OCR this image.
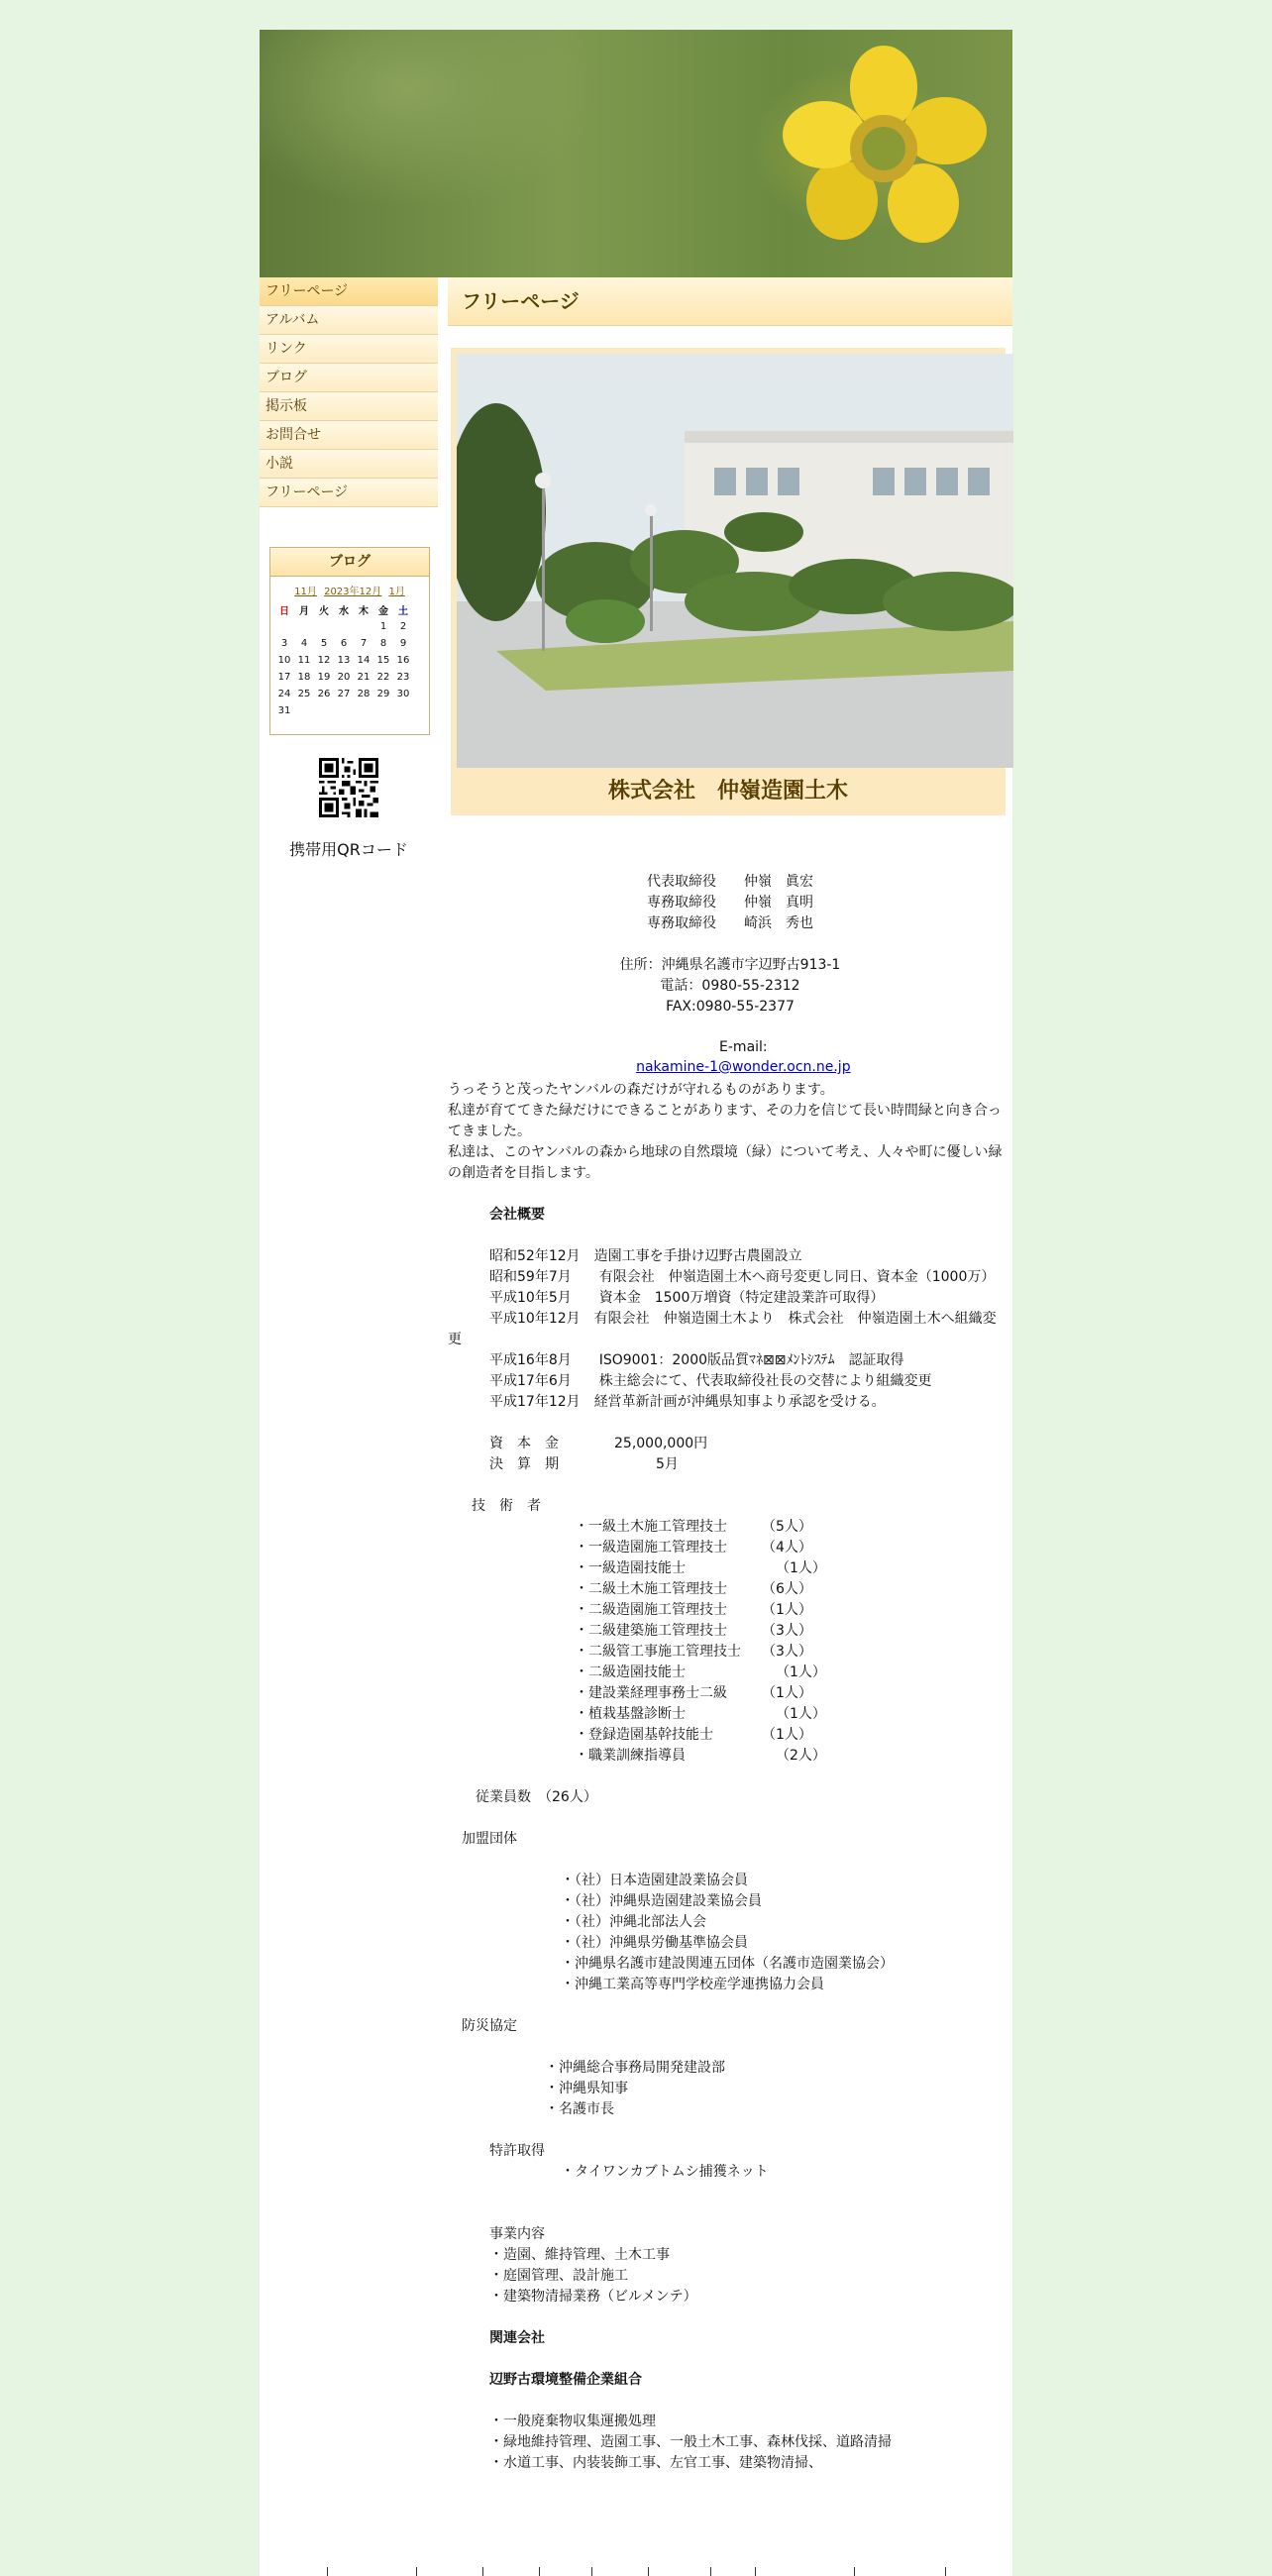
フリーページ
アルバム
リンク
ブログ
掲示板
お問合せ
小説
フリーページ
ブログ
11月 2023年12月 1月
日	月	火	水	木	金	土
					1	2
3	4	5	6	7	8	9
10	11	12	13	14	15	16
17	18	19	20	21	22	23
24	25	26	27	28	29	30
31						
携帯用QRコード
フリーページ
株式会社　仲嶺造園土木
代表取締役　　仲嶺　眞宏
専務取締役　　仲嶺　真明
専務取締役　　崎浜　秀也
住所：沖縄県名護市字辺野古913-1
電話：0980-55-2312
FAX:0980-55-2377

E-mail:
nakamine-1@wonder.ocn.ne.jp

うっそうと茂ったヤンバルの森だけが守れるものがあります。
私達が育ててきた緑だけにできることがあります、その力を信じて長い時間緑と向き合っ
てきました。
私達は、このヤンバルの森から地球の自然環境（緑）について考え、人々や町に優しい緑
の創造者を目指します。
会社概要
昭和52年12月　造園工事を手掛け辺野古農園設立
昭和59年7月　　有限会社　仲嶺造園土木へ商号変更し同日、資本金（1000万）
平成10年5月　　資本金　1500万増資（特定建設業許可取得）
平成10年12月　有限会社　仲嶺造園土木より　株式会社　仲嶺造園土木へ組織変
更
平成16年8月　　ISO9001：2000版品質ﾏﾈ⊠⊠ﾒﾝﾄｼｽﾃﾑ　認証取得
平成17年6月　　株主総会にて、代表取締役社長の交替により組織変更
平成17年12月　経営革新計画が沖縄県知事より承認を受ける。
資　本　金　　　　25,000,000円
決　算　期　　　　　　　5月
技　術　者
・一級土木施工管理技士　　　（5人）
・一級造園施工管理技士　　　（4人）
・一級造園技能士　　　　　　　（1人）
・二級土木施工管理技士　　　（6人）
・二級造園施工管理技士　　　（1人）
・二級建築施工管理技士　　　（3人）
・二級管工事施工管理技士　　（3人）
・二級造園技能士　　　　　　　（1人）
・建設業経理事務士二級　　　（1人）
・植栽基盤診断士　　　　　　　（1人）
・登録造園基幹技能士　　　　（1人）
・職業訓練指導員　　　　　　　（2人）
従業員数　（26人）
加盟団体
・（社）日本造園建設業協会員
・（社）沖縄県造園建設業協会員
・（社）沖縄北部法人会
・（社）沖縄県労働基準協会員
・沖縄県名護市建設関連五団体（名護市造園業協会）
・沖縄工業高等専門学校産学連携協力会員
防災協定
・沖縄総合事務局開発建設部
・沖縄県知事
・名護市長
特許取得
・タイワンカブトムシ捕獲ネット
事業内容
・造園、維持管理、土木工事
・庭園管理、設計施工
・建築物清掃業務（ビルメンテ）
関連会社
辺野古環境整備企業組合
・一般廃棄物収集運搬処理
・緑地維持管理、造園工事、一般土木工事、森林伐採、道路清掃
・水道工事、内装装飾工事、左官工事、建築物清掃、
